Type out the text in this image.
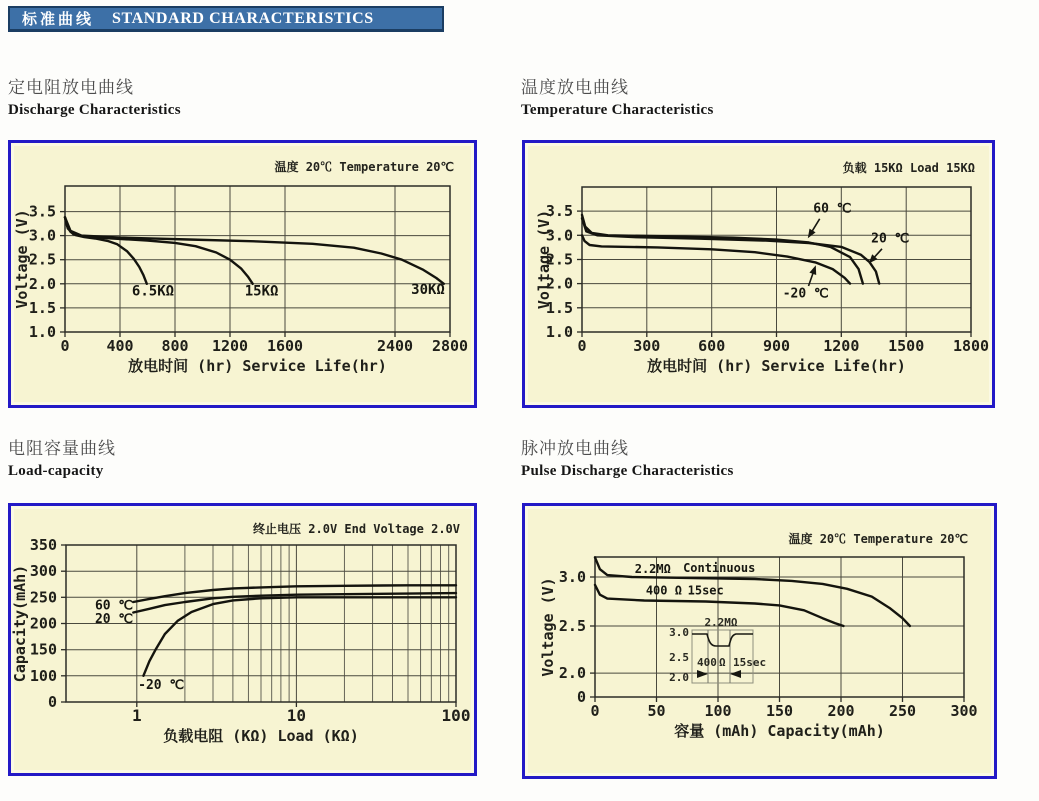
标准曲线 STANDARD CHARACTERISTICS
定电阻放电曲线
Discharge Characteristics
温度放电曲线
Temperature Characteristics
电阻容量曲线
Load-capacity
脉冲放电曲线
Pulse Discharge Characteristics
0 400 800 1200 1600	2400 2800
1.0
1.5
2.0
2.5
3.0
3.5
6.5KΩ	15KΩ	30KΩ
温度 20℃ Temperature 20℃
放电时间 (hr) Service Life(hr)
Voltage (V)
0	300	600	900 1200 1500 1800
1.0
1.5
2.0
2.5
3.0
3.5	60 ℃
20 ℃
-20 ℃
负载 15KΩ Load 15KΩ
放电时间 (hr) Service Life(hr)
Voltage (V)
1	10	100
0
100
150
200
250
300
350
60 ℃
20 ℃
-20 ℃
终止电压 2.0V End Voltage 2.0V
负载电阻 (KΩ) Load (KΩ)
Capacity(mAh)
0	50	100 150 200 250 300
0
2.0
2.5
3.0	2.2MΩ Continuous
400 Ω 15sec
温度 20℃ Temperature 20℃
容量 (mAh) Capacity(mAh)
Voltage (V)	2.2MΩ
3.0
2.5
2.0
400 Ω 15sec
